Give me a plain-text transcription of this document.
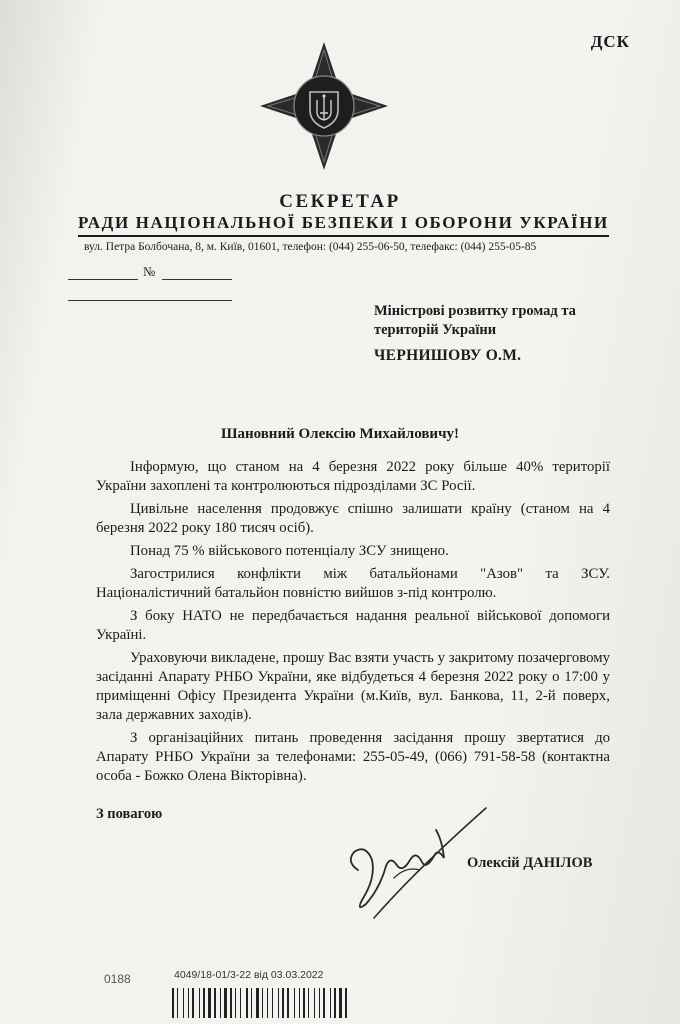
ДСК
СЕКРЕТАР
РАДИ НАЦІОНАЛЬНОЇ БЕЗПЕКИ І ОБОРОНИ УКРАЇНИ
вул. Петра Болбочана, 8, м. Київ, 01601, телефон: (044) 255-06-50, телефакс: (044) 255-05-85
№
Міністрові розвитку громад та
територій України
ЧЕРНИШОВУ О.М.
Шановний Олексію Михайловичу!

Інформую, що станом на 4 березня 2022 року більше 40% території України захоплені та контролюються підрозділами ЗС Росії.

Цивільне населення продовжує спішно залишати країну (станом на 4 березня 2022 року 180 тисяч осіб).

Понад 75 % військового потенціалу ЗСУ знищено.

Загострилися конфлікти між батальйонами "Азов" та ЗСУ. Націоналістичний батальйон повністю вийшов з-під контролю.

З боку НАТО не передбачається надання реальної військової допомоги Україні.

Ураховуючи викладене, прошу Вас взяти участь у закритому позачерговому засіданні Апарату РНБО України, яке відбудеться 4 березня 2022 року о 17:00 у приміщенні Офісу Президента України (м.Київ, вул. Банкова, 11, 2-й поверх, зала державних заходів).

З організаційних питань проведення засідання прошу звертатися до Апарату РНБО України за телефонами: 255-05-49, (066) 791-58-58 (контактна особа - Божко Олена Вікторівна).

З повагою
Олексій ДАНІЛОВ
0188	4049/18-01/3-22 від 03.03.2022
